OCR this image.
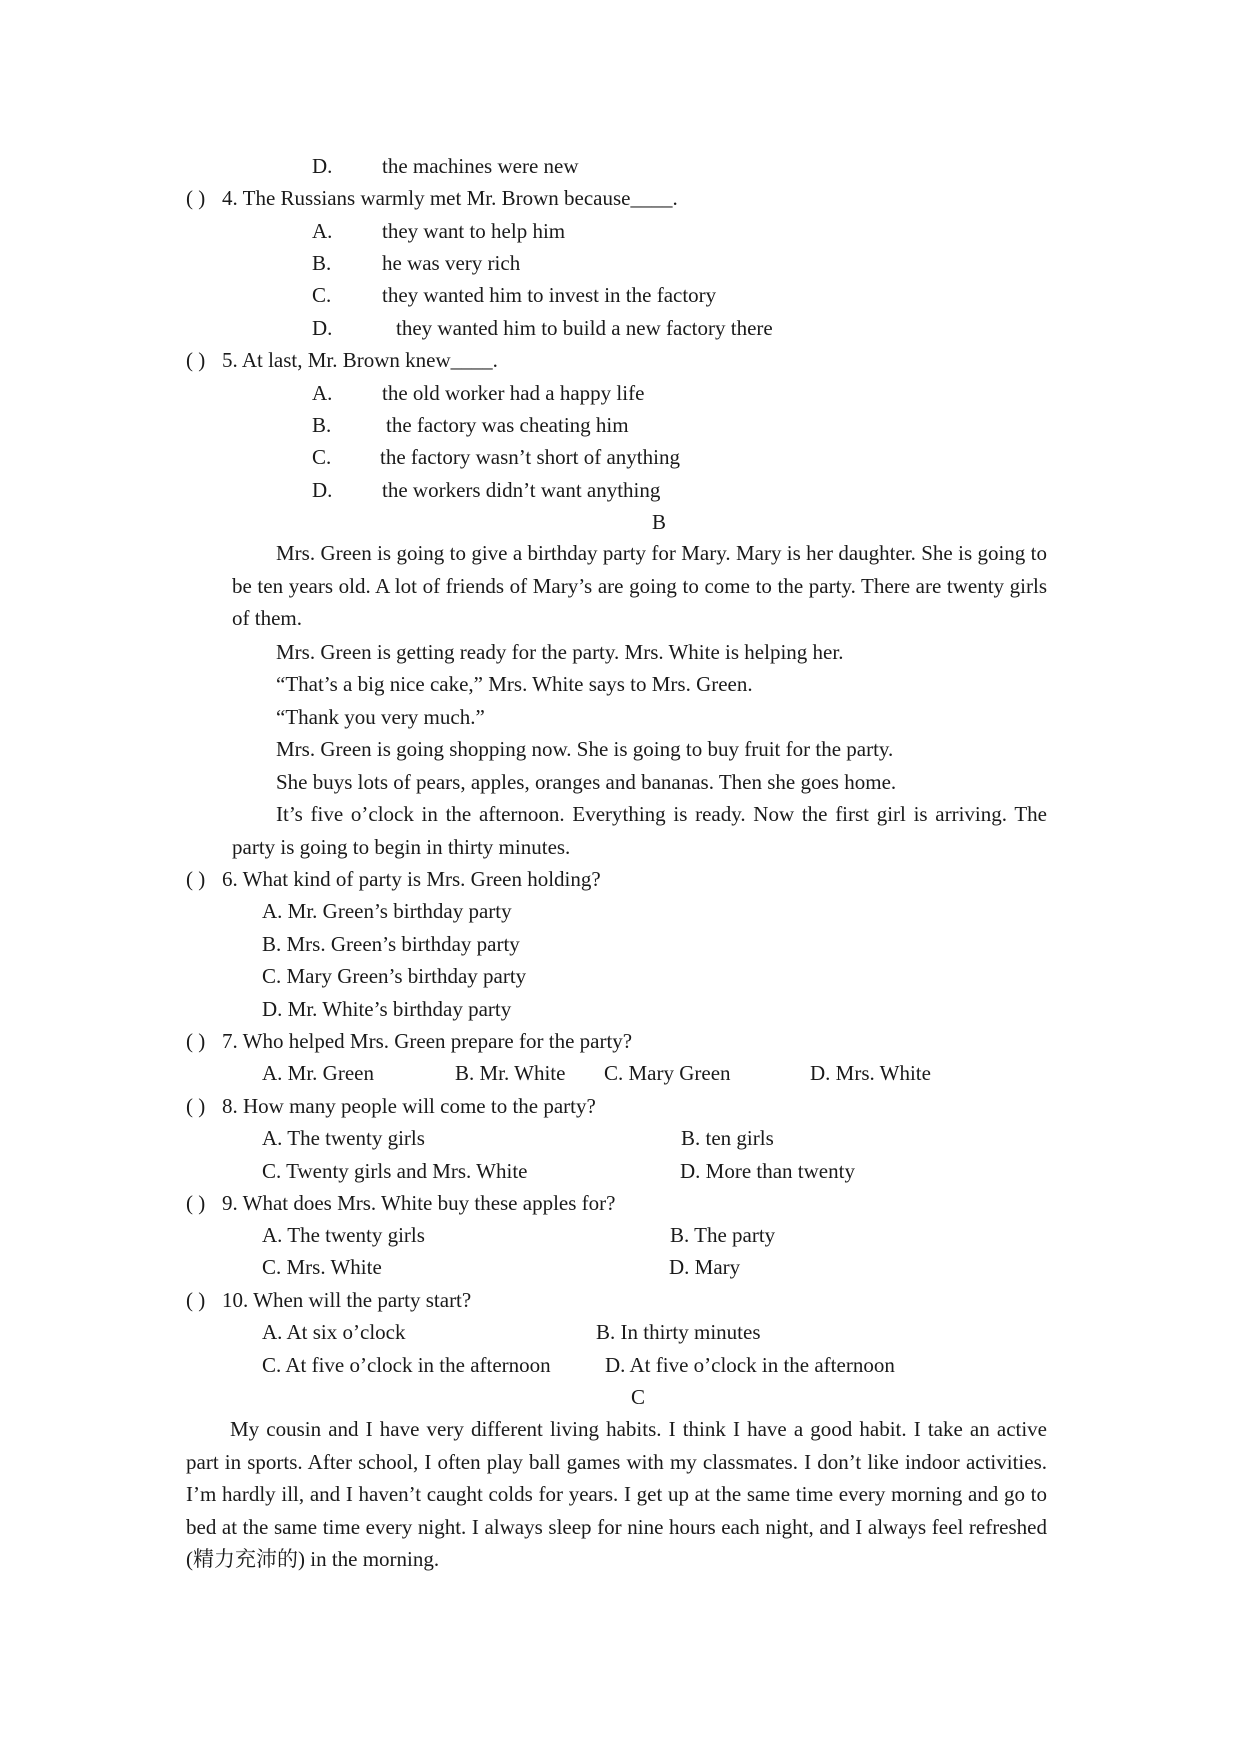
D. the machines were new
( ) 4. The Russians warmly met Mr. Brown because____.
A. they want to help him
B. he was very rich
C. they wanted him to invest in the factory
D.	they wanted him to build a new factory there
( ) 5. At last, Mr. Brown knew____.
A. the old worker had a happy life
B.	the factory was cheating him
C. the factory wasn’t short of anything
D. the workers didn’t want anything
B

Mrs. Green is going to give a birthday party for Mary. Mary is her daughter. She is going to be ten years old. A lot of friends of Mary’s are going to come to the party. There are twenty girls of them.

Mrs. Green is getting ready for the party. Mrs. White is helping her.
“That’s a big nice cake,” Mrs. White says to Mrs. Green.
“Thank you very much.”
Mrs. Green is going shopping now. She is going to buy fruit for the party.
She buys lots of pears, apples, oranges and bananas. Then she goes home.

It’s five o’clock in the afternoon. Everything is ready. Now the first girl is arriving. The party is going to begin in thirty minutes.

( ) 6. What kind of party is Mrs. Green holding?
A. Mr. Green’s birthday party
B. Mrs. Green’s birthday party
C. Mary Green’s birthday party
D. Mr. White’s birthday party
( ) 7. Who helped Mrs. Green prepare for the party?
A. Mr. Green	B. Mr. White C. Mary Green	D. Mrs. White
( ) 8. How many people will come to the party?
A. The twenty girls	B. ten girls
C. Twenty girls and Mrs. White	D. More than twenty
( ) 9. What does Mrs. White buy these apples for?
A. The twenty girls	B. The party
C. Mrs. White	D. Mary
( ) 10. When will the party start?
A. At six o’clock	B. In thirty minutes
C. At five o’clock in the afternoon	D. At five o’clock in the afternoon
C

My cousin and I have very different living habits. I think I have a good habit. I take an active part in sports. After school, I often play ball games with my classmates. I don’t like indoor activities. I’m hardly ill, and I haven’t caught colds for years. I get up at the same time every morning and go to bed at the same time every night. I always sleep for nine hours each night, and I always feel refreshed (精力充沛的) in the morning.
